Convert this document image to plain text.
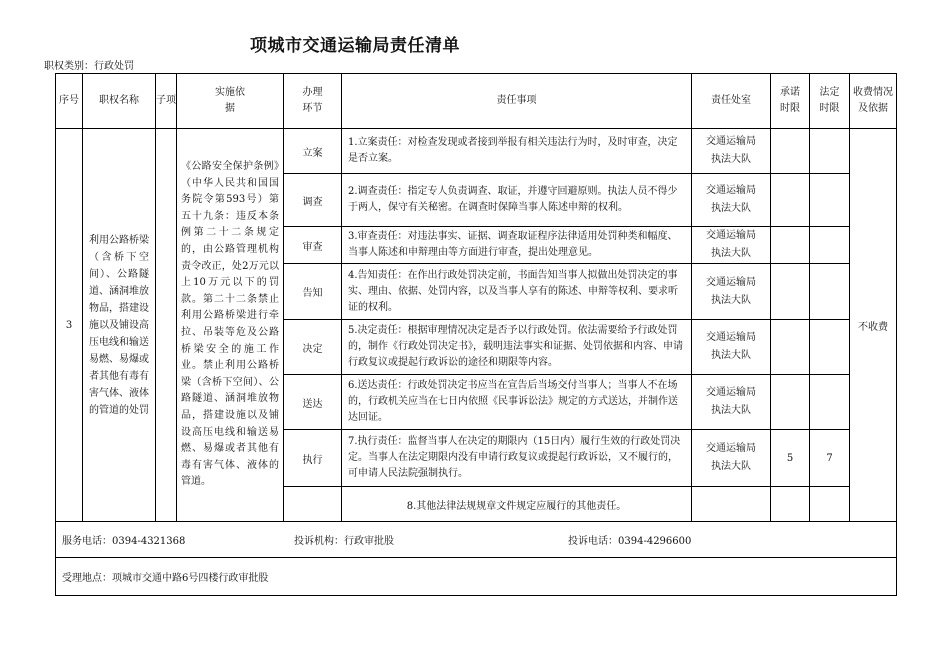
项城市交通运输局责任清单
职权类别：行政处罚
序号	职权名称	子项	实施依据	办理环节	责任事项	责任处室	承诺时限	法定时限	收费情况及依据
3	利用公路桥梁（含桥下空间）、公路隧道、涵洞堆放物品，搭建设施以及铺设高压电线和输送易燃、易爆或者其他有毒有害气体、液体的管道的处罚		《公路安全保护条例》（中华人民共和国国务院令第593号）第五十九条：违反本条例第二十二条规定的，由公路管理机构责令改正，处2万元以上10万元以下的罚款。第二十二条禁止利用公路桥梁进行牵拉、吊装等危及公路桥梁安全的施工作业。禁止利用公路桥梁（含桥下空间）、公路隧道、涵洞堆放物品，搭建设施以及铺设高压电线和输送易燃、易爆或者其他有毒有害气体、液体的管道。	立案	1.立案责任：对检查发现或者接到举报有相关违法行为时，及时审查，决定是否立案。	交通运输局执法大队			不收费
				调查	2.调查责任：指定专人负责调查、取证，并遵守回避原则。执法人员不得少于两人，保守有关秘密。在调查时保障当事人陈述申辩的权利。	交通运输局执法大队			
				审查	3.审查责任：对违法事实、证据、调查取证程序法律适用处罚种类和幅度、当事人陈述和申辩理由等方面进行审查，提出处理意见。	交通运输局执法大队			
				告知	4.告知责任：在作出行政处罚决定前，书面告知当事人拟做出处罚决定的事实、理由、依据、处罚内容，以及当事人享有的陈述、申辩等权利、要求听证的权利。	交通运输局执法大队			
				决定	5.决定责任：根据审理情况决定是否予以行政处罚。依法需要给予行政处罚的，制作《行政处罚决定书》，载明违法事实和证据、处罚依据和内容、申请行政复议或提起行政诉讼的途径和期限等内容。	交通运输局执法大队			
				送达	6.送达责任：行政处罚决定书应当在宣告后当场交付当事人；当事人不在场的，行政机关应当在七日内依照《民事诉讼法》规定的方式送达，并制作送达回证。	交通运输局执法大队			
				执行	7.执行责任：监督当事人在决定的期限内（15日内）履行生效的行政处罚决定。当事人在法定期限内没有申请行政复议或提起行政诉讼，又不履行的，可申请人民法院强制执行。	交通运输局执法大队	5	7	
					8.其他法律法规规章文件规定应履行的其他责任。				
服务电话：0394-4321368 投诉机构：行政审批股 投诉电话：0394-4296600									
受理地点：项城市交通中路6号四楼行政审批股									
